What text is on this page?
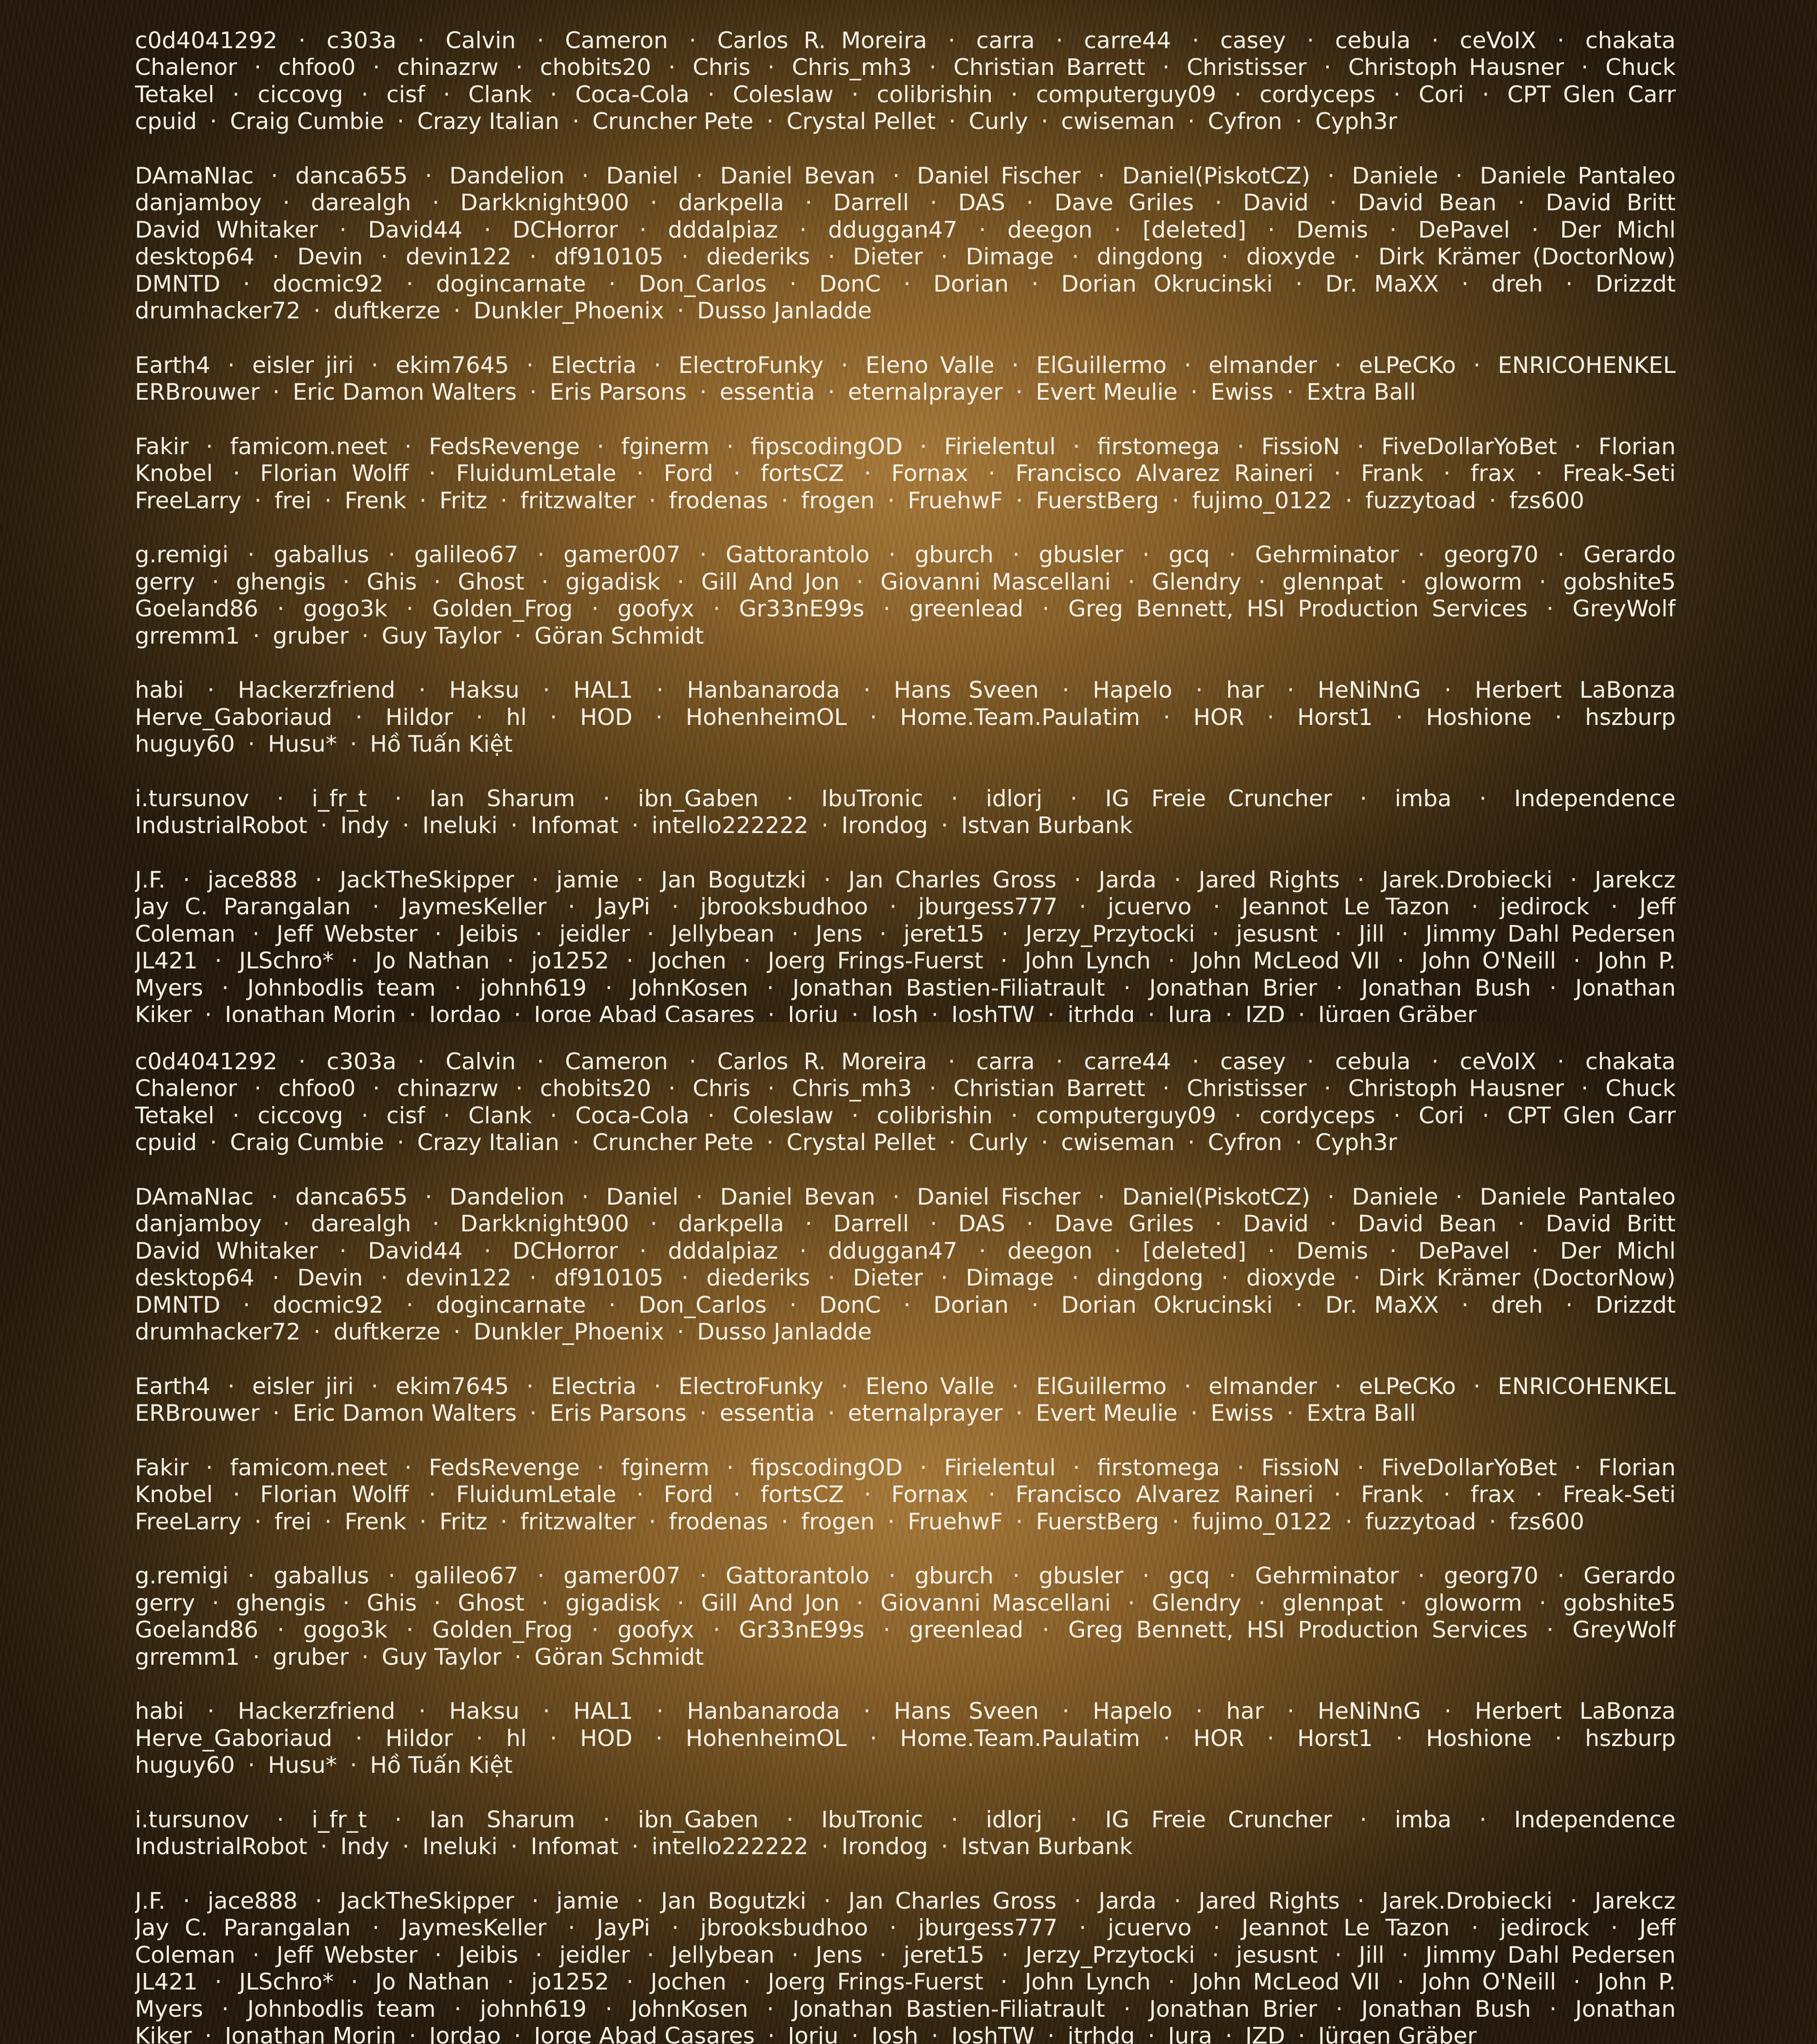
c0d4041292 · c303a · Calvin · Cameron · Carlos R. Moreira · carra · carre44 · casey · cebula · ceVoIX · chakata
Chalenor · chfoo0 · chinazrw · chobits20 · Chris · Chris_mh3 · Christian Barrett · Christisser · Christoph Hausner · Chuck
Tetakel · ciccovg · cisf · Clank · Coca-Cola · Coleslaw · colibrishin · computerguy09 · cordyceps · Cori · CPT Glen Carr
cpuid · Craig Cumbie · Crazy Italian · Cruncher Pete · Crystal Pellet · Curly · cwiseman · Cyfron · Cyph3r
DAmaNIac · danca655 · Dandelion · Daniel · Daniel Bevan · Daniel Fischer · Daniel(PiskotCZ) · Daniele · Daniele Pantaleo
danjamboy · darealgh · Darkknight900 · darkpella · Darrell · DAS · Dave Griles · David · David Bean · David Britt
David Whitaker · David44 · DCHorror · dddalpiaz · dduggan47 · deegon · [deleted] · Demis · DePavel · Der Michl
desktop64 · Devin · devin122 · df910105 · diederiks · Dieter · Dimage · dingdong · dioxyde · Dirk Krämer (DoctorNow)
DMNTD · docmic92 · dogincarnate · Don_Carlos · DonC · Dorian · Dorian Okrucinski · Dr. MaXX · dreh · Drizzdt
drumhacker72 · duftkerze · Dunkler_Phoenix · Dusso Janladde
Earth4 · eisler jiri · ekim7645 · Electria · ElectroFunky · Eleno Valle · ElGuillermo · elmander · eLPeCKo · ENRICOHENKEL
ERBrouwer · Eric Damon Walters · Eris Parsons · essentia · eternalprayer · Evert Meulie · Ewiss · Extra Ball
Fakir · famicom.neet · FedsRevenge · fginerm · fipscodingOD · Firielentul · firstomega · FissioN · FiveDollarYoBet · Florian
Knobel · Florian Wolff · FluidumLetale · Ford · fortsCZ · Fornax · Francisco Alvarez Raineri · Frank · frax · Freak-Seti
FreeLarry · frei · Frenk · Fritz · fritzwalter · frodenas · frogen · FruehwF · FuerstBerg · fujimo_0122 · fuzzytoad · fzs600
g.remigi · gaballus · galileo67 · gamer007 · Gattorantolo · gburch · gbusler · gcq · Gehrminator · georg70 · Gerardo
gerry · ghengis · Ghis · Ghost · gigadisk · Gill And Jon · Giovanni Mascellani · Glendry · glennpat · gloworm · gobshite5
Goeland86 · gogo3k · Golden_Frog · goofyx · Gr33nE99s · greenlead · Greg Bennett, HSI Production Services · GreyWolf
grremm1 · gruber · Guy Taylor · Göran Schmidt
habi · Hackerzfriend · Haksu · HAL1 · Hanbanaroda · Hans Sveen · Hapelo · har · HeNiNnG · Herbert LaBonza
Herve_Gaboriaud · Hildor · hl · HOD · HohenheimOL · Home.Team.Paulatim · HOR · Horst1 · Hoshione · hszburp
huguy60 · Husu* · Hồ Tuấn Kiệt
i.tursunov · i_fr_t · Ian Sharum · ibn_Gaben · IbuTronic · idlorj · IG Freie Cruncher · imba · Independence
IndustrialRobot · Indy · Ineluki · Infomat · intello222222 · Irondog · Istvan Burbank
J.F. · jace888 · JackTheSkipper · jamie · Jan Bogutzki · Jan Charles Gross · Jarda · Jared Rights · Jarek.Drobiecki · Jarekcz
Jay C. Parangalan · JaymesKeller · JayPi · jbrooksbudhoo · jburgess777 · jcuervo · Jeannot Le Tazon · jedirock · Jeff
Coleman · Jeff Webster · Jeibis · jeidler · Jellybean · Jens · jeret15 · Jerzy_Przytocki · jesusnt · Jill · Jimmy Dahl Pedersen
JL421 · JLSchro* · Jo Nathan · jo1252 · Jochen · Joerg Frings-Fuerst · John Lynch · John McLeod VII · John O'Neill · John P.
Myers · Johnbodlis team · johnh619 · JohnKosen · Jonathan Bastien-Filiatrault · Jonathan Brier · Jonathan Bush · Jonathan
Kiker · Jonathan Morin · Jordao · Jorge Abad Casares · Jorju · Josh · JoshTW · jtrhdg · Jura · JZD · Jürgen Gräber
c0d4041292 · c303a · Calvin · Cameron · Carlos R. Moreira · carra · carre44 · casey · cebula · ceVoIX · chakata
Chalenor · chfoo0 · chinazrw · chobits20 · Chris · Chris_mh3 · Christian Barrett · Christisser · Christoph Hausner · Chuck
Tetakel · ciccovg · cisf · Clank · Coca-Cola · Coleslaw · colibrishin · computerguy09 · cordyceps · Cori · CPT Glen Carr
cpuid · Craig Cumbie · Crazy Italian · Cruncher Pete · Crystal Pellet · Curly · cwiseman · Cyfron · Cyph3r
DAmaNIac · danca655 · Dandelion · Daniel · Daniel Bevan · Daniel Fischer · Daniel(PiskotCZ) · Daniele · Daniele Pantaleo
danjamboy · darealgh · Darkknight900 · darkpella · Darrell · DAS · Dave Griles · David · David Bean · David Britt
David Whitaker · David44 · DCHorror · dddalpiaz · dduggan47 · deegon · [deleted] · Demis · DePavel · Der Michl
desktop64 · Devin · devin122 · df910105 · diederiks · Dieter · Dimage · dingdong · dioxyde · Dirk Krämer (DoctorNow)
DMNTD · docmic92 · dogincarnate · Don_Carlos · DonC · Dorian · Dorian Okrucinski · Dr. MaXX · dreh · Drizzdt
drumhacker72 · duftkerze · Dunkler_Phoenix · Dusso Janladde
Earth4 · eisler jiri · ekim7645 · Electria · ElectroFunky · Eleno Valle · ElGuillermo · elmander · eLPeCKo · ENRICOHENKEL
ERBrouwer · Eric Damon Walters · Eris Parsons · essentia · eternalprayer · Evert Meulie · Ewiss · Extra Ball
Fakir · famicom.neet · FedsRevenge · fginerm · fipscodingOD · Firielentul · firstomega · FissioN · FiveDollarYoBet · Florian
Knobel · Florian Wolff · FluidumLetale · Ford · fortsCZ · Fornax · Francisco Alvarez Raineri · Frank · frax · Freak-Seti
FreeLarry · frei · Frenk · Fritz · fritzwalter · frodenas · frogen · FruehwF · FuerstBerg · fujimo_0122 · fuzzytoad · fzs600
g.remigi · gaballus · galileo67 · gamer007 · Gattorantolo · gburch · gbusler · gcq · Gehrminator · georg70 · Gerardo
gerry · ghengis · Ghis · Ghost · gigadisk · Gill And Jon · Giovanni Mascellani · Glendry · glennpat · gloworm · gobshite5
Goeland86 · gogo3k · Golden_Frog · goofyx · Gr33nE99s · greenlead · Greg Bennett, HSI Production Services · GreyWolf
grremm1 · gruber · Guy Taylor · Göran Schmidt
habi · Hackerzfriend · Haksu · HAL1 · Hanbanaroda · Hans Sveen · Hapelo · har · HeNiNnG · Herbert LaBonza
Herve_Gaboriaud · Hildor · hl · HOD · HohenheimOL · Home.Team.Paulatim · HOR · Horst1 · Hoshione · hszburp
huguy60 · Husu* · Hồ Tuấn Kiệt
i.tursunov · i_fr_t · Ian Sharum · ibn_Gaben · IbuTronic · idlorj · IG Freie Cruncher · imba · Independence
IndustrialRobot · Indy · Ineluki · Infomat · intello222222 · Irondog · Istvan Burbank
J.F. · jace888 · JackTheSkipper · jamie · Jan Bogutzki · Jan Charles Gross · Jarda · Jared Rights · Jarek.Drobiecki · Jarekcz
Jay C. Parangalan · JaymesKeller · JayPi · jbrooksbudhoo · jburgess777 · jcuervo · Jeannot Le Tazon · jedirock · Jeff
Coleman · Jeff Webster · Jeibis · jeidler · Jellybean · Jens · jeret15 · Jerzy_Przytocki · jesusnt · Jill · Jimmy Dahl Pedersen
JL421 · JLSchro* · Jo Nathan · jo1252 · Jochen · Joerg Frings-Fuerst · John Lynch · John McLeod VII · John O'Neill · John P.
Myers · Johnbodlis team · johnh619 · JohnKosen · Jonathan Bastien-Filiatrault · Jonathan Brier · Jonathan Bush · Jonathan
Kiker · Jonathan Morin · Jordao · Jorge Abad Casares · Jorju · Josh · JoshTW · jtrhdg · Jura · JZD · Jürgen Gräber
